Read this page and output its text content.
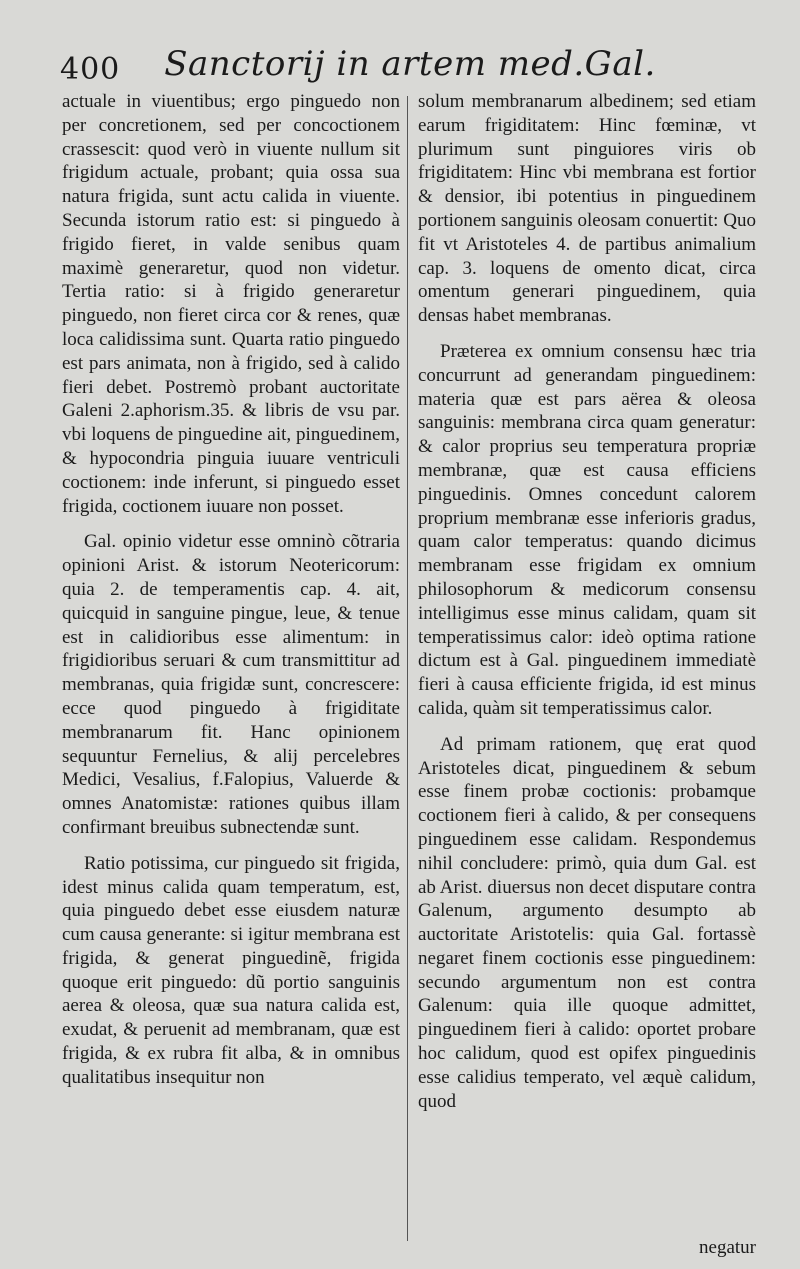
400	Sanctorij in artem med.Gal.

actuale in viuentibus; ergo pinguedo non per concretionem, sed per concoctionem crassescit: quod verò in viuente nullum sit frigidum actuale, probant; quia ossa sua natura frigida, sunt actu calida in viuente. Secunda istorum ratio est: si pinguedo à frigido fieret, in valde senibus quam maximè generaretur, quod non videtur. Tertia ratio: si à frigido generaretur pinguedo, non fieret circa cor & renes, quæ loca calidissima sunt. Quarta ratio pinguedo est pars animata, non à frigido, sed à calido fieri debet. Postremò probant auctoritate Galeni 2.aphorism.35. & libris de vsu par. vbi loquens de pinguedine ait, pinguedinem, & hypocondria pinguia iuuare ventriculi coctionem: inde inferunt, si pinguedo esset frigida, coctionem iuuare non posset.

Gal. opinio videtur esse omninò cõtraria opinioni Arist. & istorum Neotericorum: quia 2. de temperamentis cap. 4. ait, quicquid in sanguine pingue, leue, & tenue est in calidioribus esse alimentum: in frigidioribus seruari & cum transmittitur ad membranas, quia frigidæ sunt, concrescere: ecce quod pinguedo à frigiditate membranarum fit. Hanc opinionem sequuntur Fernelius, & alij percelebres Medici, Vesalius, f.Falopius, Valuerde & omnes Anatomistæ: rationes quibus illam confirmant breuibus subnectendæ sunt.

Ratio potissima, cur pinguedo sit frigida, idest minus calida quam temperatum, est, quia pinguedo debet esse eiusdem naturæ cum causa generante: si igitur membrana est frigida, & generat pinguedinẽ, frigida quoque erit pinguedo: dũ portio sanguinis aerea & oleosa, quæ sua natura calida est, exudat, & peruenit ad membranam, quæ est frigida, & ex rubra fit alba, & in omnibus qualitatibus insequitur non

solum membranarum albedinem; sed etiam earum frigiditatem: Hinc fœminæ, vt plurimum sunt pinguiores viris ob frigiditatem: Hinc vbi membrana est fortior & densior, ibi potentius in pinguedinem portionem sanguinis oleosam conuertit: Quo fit vt Aristoteles 4. de partibus animalium cap. 3. loquens de omento dicat, circa omentum generari pinguedinem, quia densas habet membranas.

Præterea ex omnium consensu hæc tria concurrunt ad generandam pinguedinem: materia quæ est pars aërea & oleosa sanguinis: membrana circa quam generatur: & calor proprius seu temperatura propriæ membranæ, quæ est causa efficiens pinguedinis. Omnes concedunt calorem proprium membranæ esse inferioris gradus, quam calor temperatus: quando dicimus membranam esse frigidam ex omnium philosophorum & medicorum consensu intelligimus esse minus calidam, quam sit temperatissimus calor: ideò optima ratione dictum est à Gal. pinguedinem immediatè fieri à causa efficiente frigida, id est minus calida, quàm sit temperatissimus calor.

Ad primam rationem, quę erat quod Aristoteles dicat, pinguedinem & sebum esse finem probæ coctionis: probamque coctionem fieri à calido, & per consequens pinguedinem esse calidam. Respondemus nihil concludere: primò, quia dum Gal. est ab Arist. diuersus non decet disputare contra Galenum, argumento desumpto ab auctoritate Aristotelis: quia Gal. fortassè negaret finem coctionis esse pinguedinem: secundo argumentum non est contra Galenum: quia ille quoque admittet, pinguedinem fieri à calido: oportet probare hoc calidum, quod est opifex pinguedinis esse calidius temperato, vel æquè calidum, quod

negatur
